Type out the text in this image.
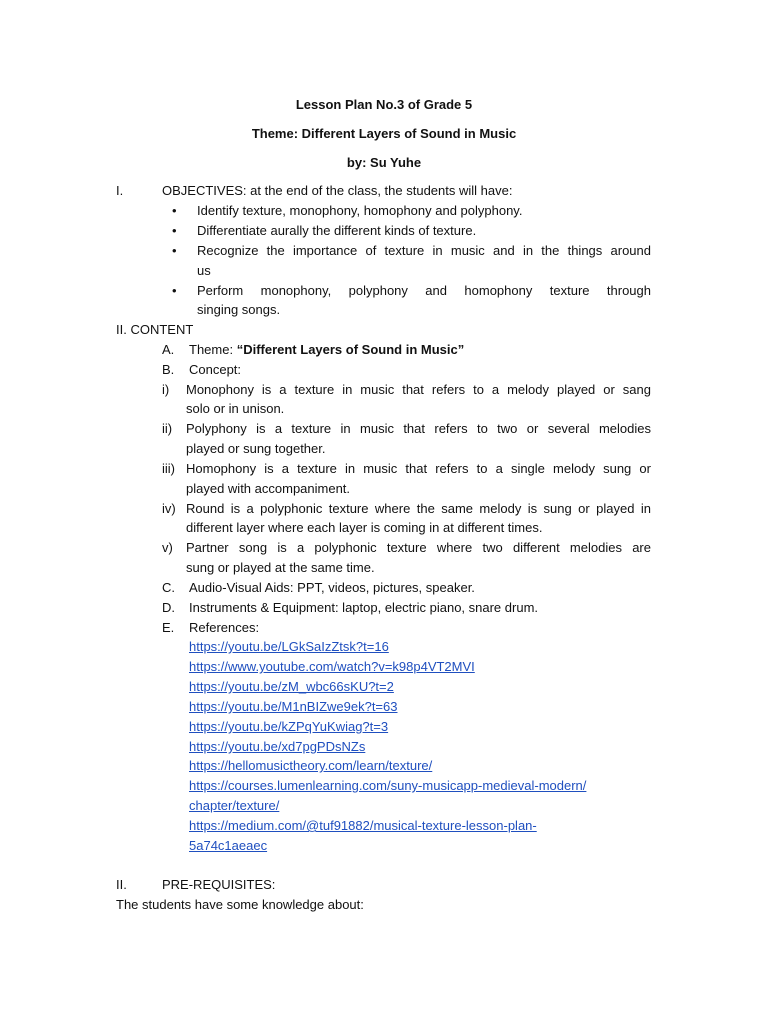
Lesson Plan No.3 of Grade 5
Theme: Different Layers of Sound in Music
by: Su Yuhe
I.	OBJECTIVES: at the end of the class, the students will have:
• Identify texture, monophony, homophony and polyphony.
• Differentiate aurally the different kinds of texture.
• Recognize the importance of texture in music and in the things around
us
• Perform monophony, polyphony and homophony texture through
singing songs.
II. CONTENT
A. Theme: “Different Layers of Sound in Music”
B. Concept:
i) Monophony is a texture in music that refers to a melody played or sang
solo or in unison.
ii) Polyphony is a texture in music that refers to two or several melodies
played or sung together.
iii) Homophony is a texture in music that refers to a single melody sung or
played with accompaniment.
iv) Round is a polyphonic texture where the same melody is sung or played in
different layer where each layer is coming in at different times.
v) Partner song is a polyphonic texture where two different melodies are
sung or played at the same time.
C. Audio-Visual Aids: PPT, videos, pictures, speaker.
D. Instruments & Equipment: laptop, electric piano, snare drum.
E. References:
https://youtu.be/LGkSaIzZtsk?t=16
https://www.youtube.com/watch?v=k98p4VT2MVI
https://youtu.be/zM_wbc66sKU?t=2
https://youtu.be/M1nBIZwe9ek?t=63
https://youtu.be/kZPqYuKwiag?t=3
https://youtu.be/xd7pgPDsNZs
https://hellomusictheory.com/learn/texture/
https://courses.lumenlearning.com/suny-musicapp-medieval-modern/
chapter/texture/
https://medium.com/@tuf91882/musical-texture-lesson-plan-
5a74c1aeaec
II.	PRE-REQUISITES:
The students have some knowledge about:
